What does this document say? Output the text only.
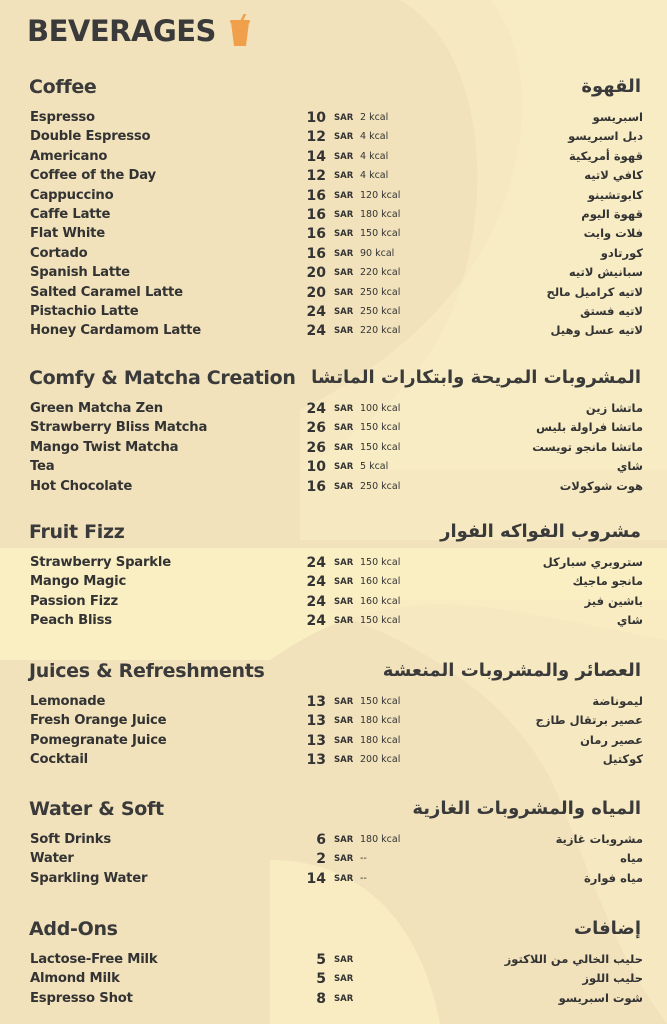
BEVERAGES
Coffee	القهوة
Espresso	10 SAR 2 kcal	اسبريسو
Double Espresso	12 SAR 4 kcal	دبل اسبريسو
Americano	14 SAR 4 kcal	قهوة أمريكية
Coffee of the Day	12 SAR 4 kcal	كافي لاتيه
Cappuccino	16 SAR 120 kcal	كابوتشينو
Caffe Latte	16 SAR 180 kcal	قهوة اليوم
Flat White	16 SAR 150 kcal	فلات وايت
Cortado	16 SAR 90 kcal	كورتادو
Spanish Latte	20 SAR 220 kcal	سبانيش لاتيه
Salted Caramel Latte	20 SAR 250 kcal	لاتيه كراميل مالح
Pistachio Latte	24 SAR 250 kcal	لاتيه فستق
Honey Cardamom Latte	24 SAR 220 kcal	لاتيه عسل وهيل
Comfy & Matcha Creation المشروبات المريحة وابتكارات الماتشا
Green Matcha Zen	24 SAR 100 kcal	ماتشا زين
Strawberry Bliss Matcha	26 SAR 150 kcal	ماتشا فراولة بليس
Mango Twist Matcha	26 SAR 150 kcal	ماتشا مانجو تويست
Tea	10 SAR 5 kcal	شاي
Hot Chocolate	16 SAR 250 kcal	هوت شوكولات
Fruit Fizz	مشروب الفواكه الفوار
Strawberry Sparkle	24 SAR 150 kcal	ستروبري سباركل
Mango Magic	24 SAR 160 kcal	مانجو ماجيك
Passion Fizz	24 SAR 160 kcal	باشين فيز
Peach Bliss	24 SAR 150 kcal	شاي
Juices & Refreshments	العصائر والمشروبات المنعشة
Lemonade	13 SAR 150 kcal	ليموناضة
Fresh Orange Juice	13 SAR 180 kcal	عصير برتقال طازج
Pomegranate Juice	13 SAR 180 kcal	عصير رمان
Cocktail	13 SAR 200 kcal	كوكتيل
Water & Soft	المياه والمشروبات الغازية
Soft Drinks	6 SAR 180 kcal	مشروبات غازية
Water	2 SAR --	مياه
Sparkling Water	14 SAR --	مياه فوارة
Add-Ons	إضافات
Lactose-Free Milk	5 SAR	حليب الخالي من اللاكتوز
Almond Milk	5 SAR	حليب اللوز
Espresso Shot	8 SAR	شوت اسبريسو
